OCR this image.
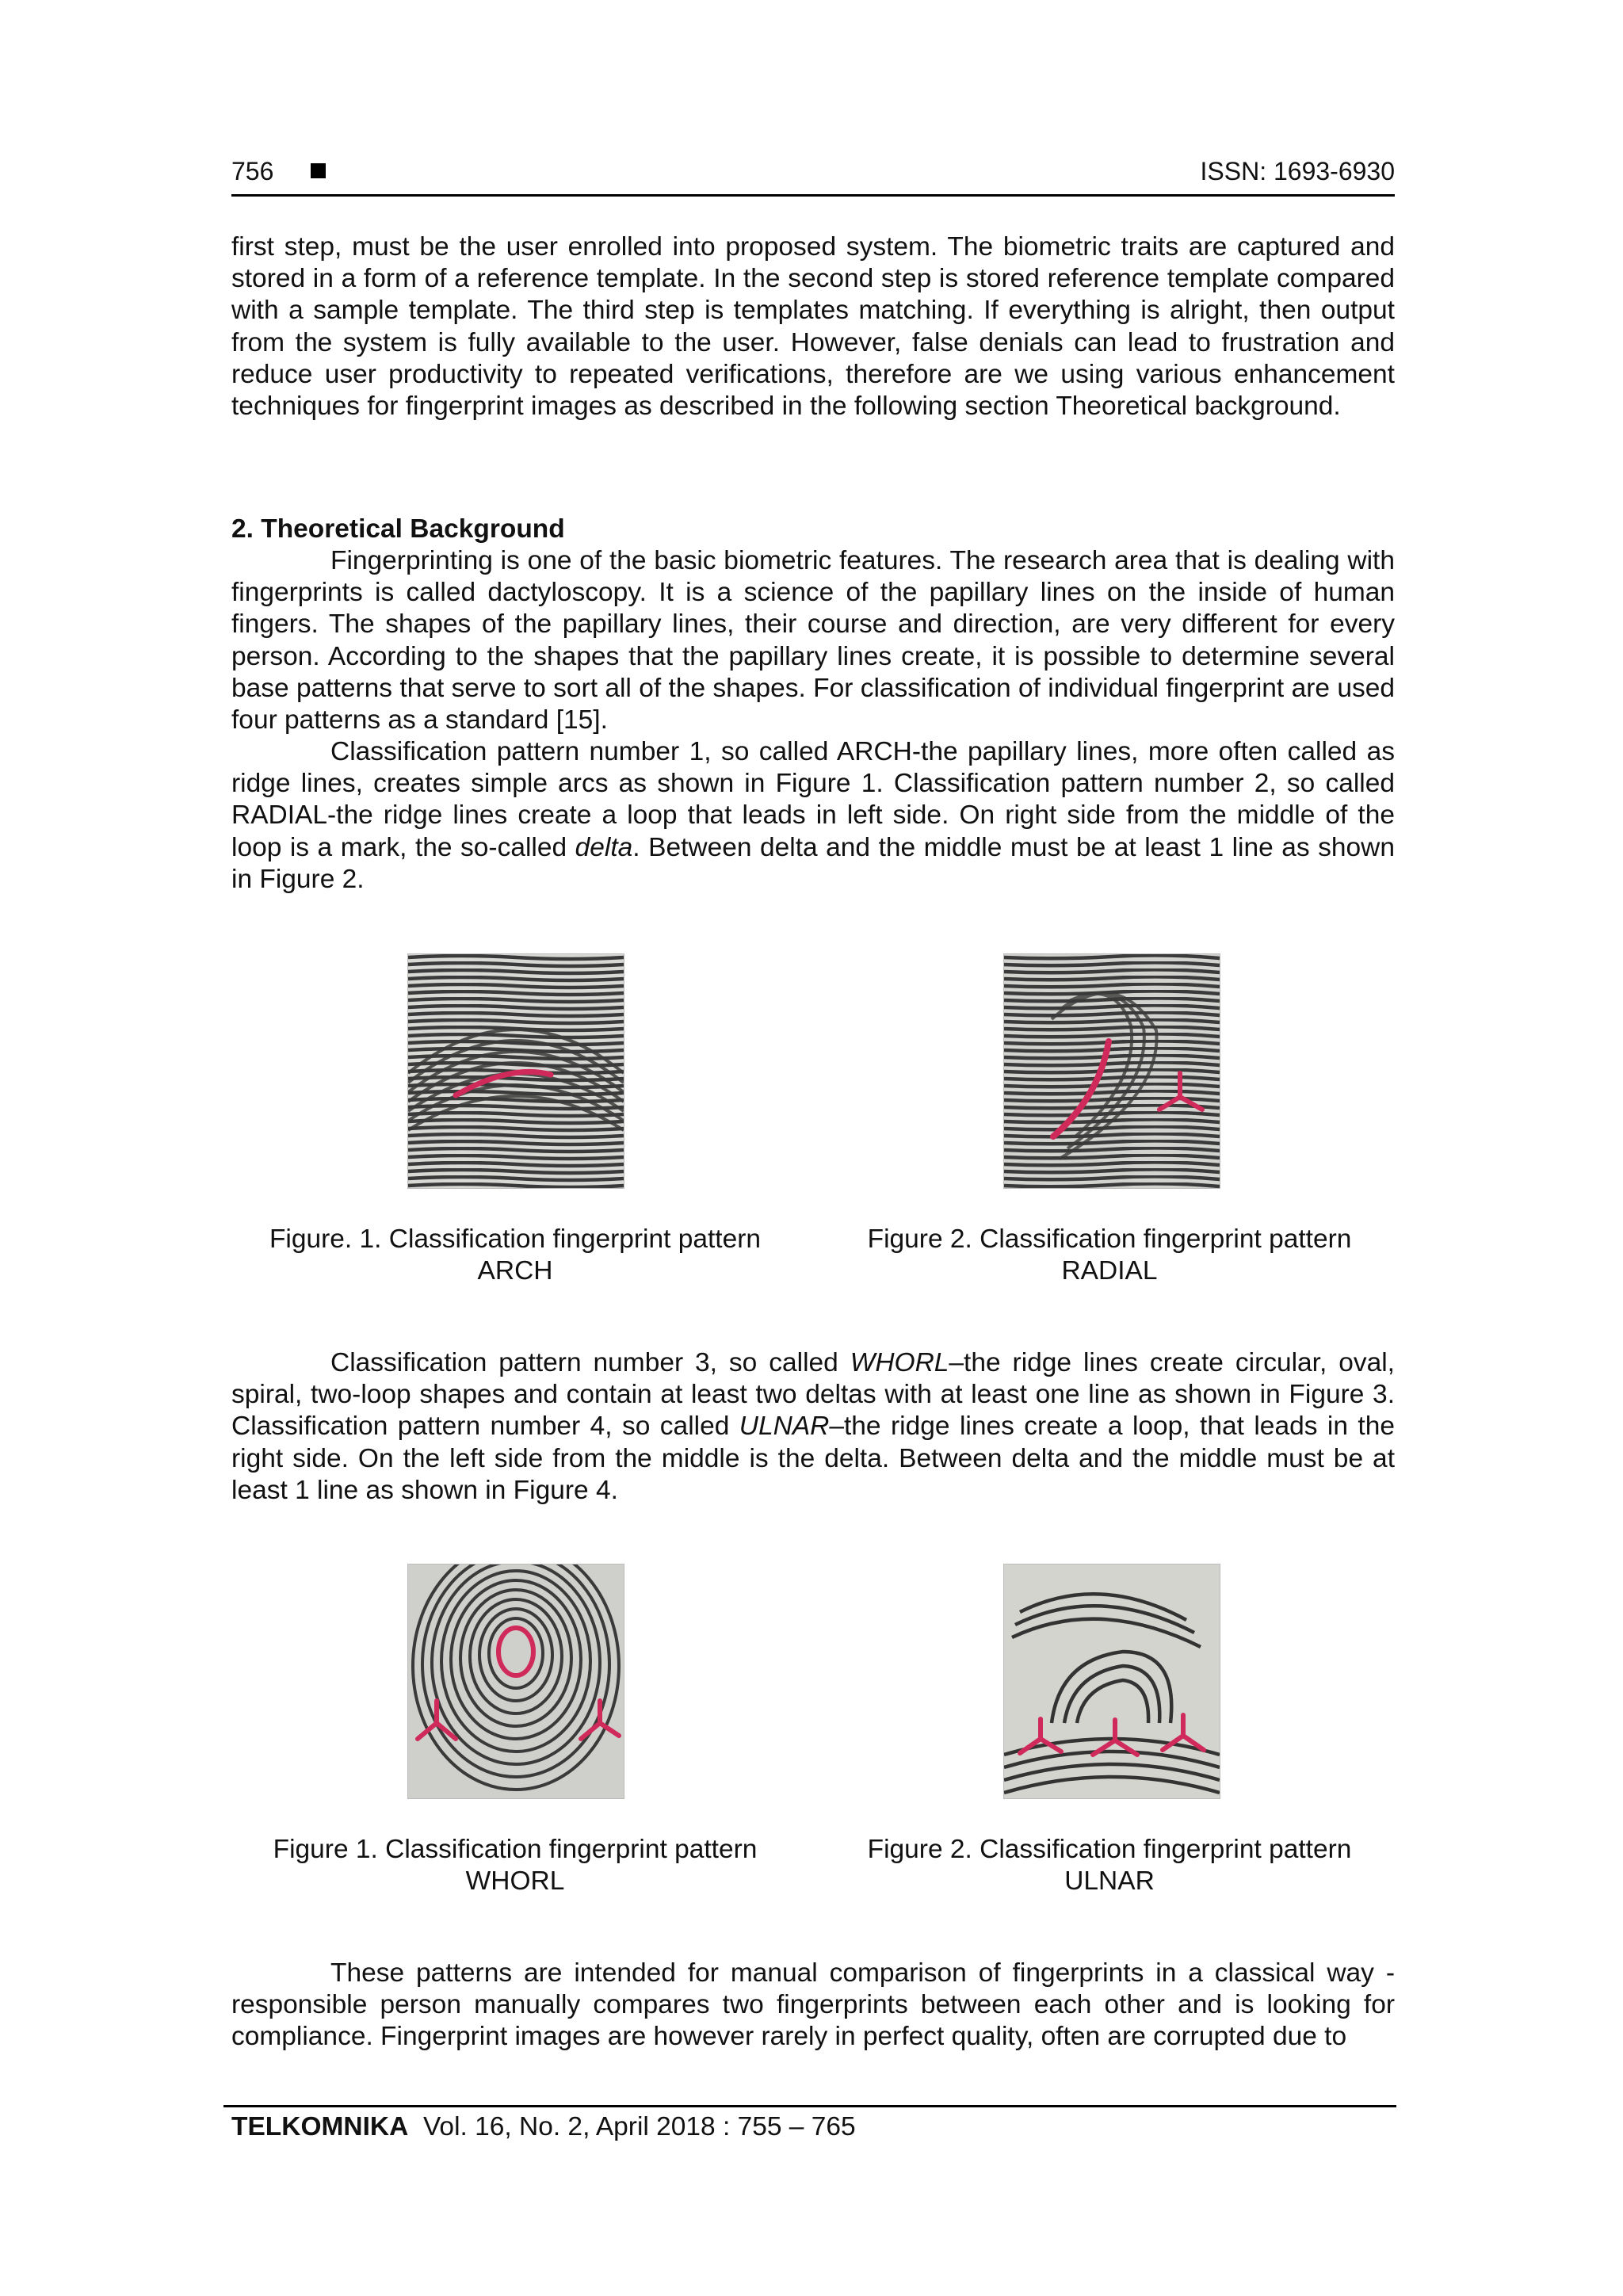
756	ISSN: 1693-6930

first step, must be the user enrolled into proposed system. The biometric traits are captured and stored in a form of a reference template. In the second step is stored reference template compared with a sample template. The third step is templates matching. If everything is alright, then output from the system is fully available to the user. However, false denials can lead to frustration and reduce user productivity to repeated verifications, therefore are we using various enhancement techniques for fingerprint images as described in the following section Theoretical background.

2. Theoretical Background

Fingerprinting is one of the basic biometric features. The research area that is dealing with fingerprints is called dactyloscopy. It is a science of the papillary lines on the inside of human fingers. The shapes of the papillary lines, their course and direction, are very different for every person. According to the shapes that the papillary lines create, it is possible to determine several base patterns that serve to sort all of the shapes. For classification of individual fingerprint are used four patterns as a standard [15].

Classification pattern number 1, so called ARCH-the papillary lines, more often called as ridge lines, creates simple arcs as shown in Figure 1. Classification pattern number 2, so called RADIAL-the ridge lines create a loop that leads in left side. On right side from the middle of the loop is a mark, the so-called delta. Between delta and the middle must be at least 1 line as shown in Figure 2.

Figure. 1. Classification fingerprint pattern
ARCH

Figure 2. Classification fingerprint pattern
RADIAL

Classification pattern number 3, so called WHORL–the ridge lines create circular, oval, spiral, two-loop shapes and contain at least two deltas with at least one line as shown in Figure 3. Classification pattern number 4, so called ULNAR–the ridge lines create a loop, that leads in the right side. On the left side from the middle is the delta. Between delta and the middle must be at least 1 line as shown in Figure 4.

Figure 1. Classification fingerprint pattern
WHORL

Figure 2. Classification fingerprint pattern
ULNAR

These patterns are intended for manual comparison of fingerprints in a classical way - responsible person manually compares two fingerprints between each other and is looking for compliance. Fingerprint images are however rarely in perfect quality, often are corrupted due to

TELKOMNIKA Vol. 16, No. 2, April 2018 : 755 – 765
